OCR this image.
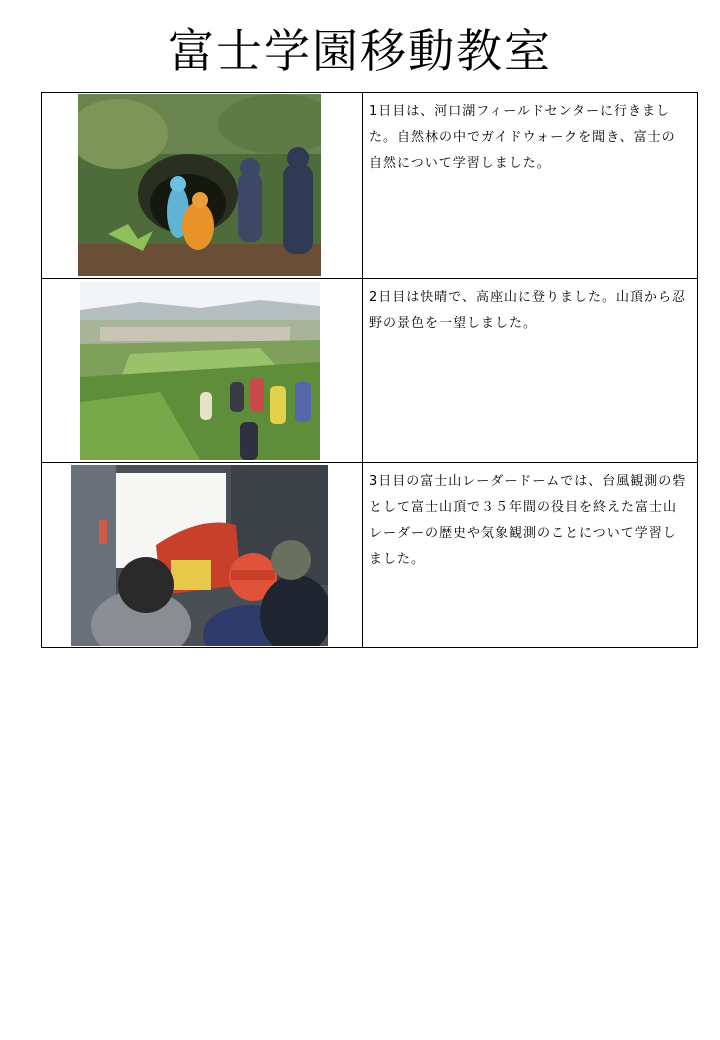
富士学園移動教室
	1日目は、河口湖フィールドセンターに行きました。自然林の中でガイドウォークを聞き、富士の自然について学習しました。

	2日目は快晴で、高座山に登りました。山頂から忍野の景色を一望しました。

	3日目の富士山レーダードームでは、台風観測の砦として富士山頂で３５年間の役目を終えた富士山レーダーの歴史や気象観測のことについて学習しました。
